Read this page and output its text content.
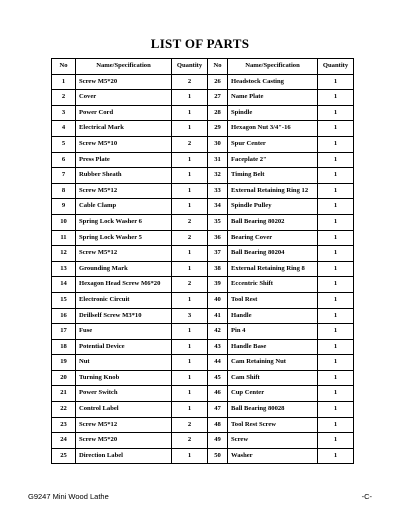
LIST OF PARTS
No	Name/Specification	Quantity	No	Name/Specification	Quantity
1	Screw M5*20	2	26	Headstock Casting	1
2	Cover	1	27	Name Plate	1
3	Power Cord	1	28	Spindle	1
4	Electrical Mark	1	29	Hexagon Nut 3/4"-16	1
5	Screw M5*10	2	30	Spur Center	1
6	Press Plate	1	31	Faceplate 2"	1
7	Rubber Sheath	1	32	Timing Belt	1
8	Screw M5*12	1	33	External Retaining Ring 12	1
9	Cable Clamp	1	34	Spindle Pulley	1
10	Spring Lock Washer 6	2	35	Ball Bearing 80202	1
11	Spring Lock Washer 5	2	36	Bearing Cover	1
12	Screw M5*12	1	37	Ball Bearing 80204	1
13	Grounding Mark	1	38	External Retaining Ring 8	1
14	Hexagon Head Screw M6*20	2	39	Eccentric Shift	1
15	Electronic Circuit	1	40	Tool Rest	1
16	Drillself Screw M3*10	3	41	Handle	1
17	Fuse	1	42	Pin 4	1
18	Potential Device	1	43	Handle Base	1
19	Nut	1	44	Cam Retaining Nut	1
20	Turning Knob	1	45	Cam Shift	1
21	Power Switch	1	46	Cup Center	1
22	Control Label	1	47	Ball Bearing 80028	1
23	Screw M5*12	2	48	Tool Rest Screw	1
24	Screw M5*20	2	49	Screw	1
25	Direction Label	1	50	Washer	1
G9247 Mini Wood Lathe	-C-
